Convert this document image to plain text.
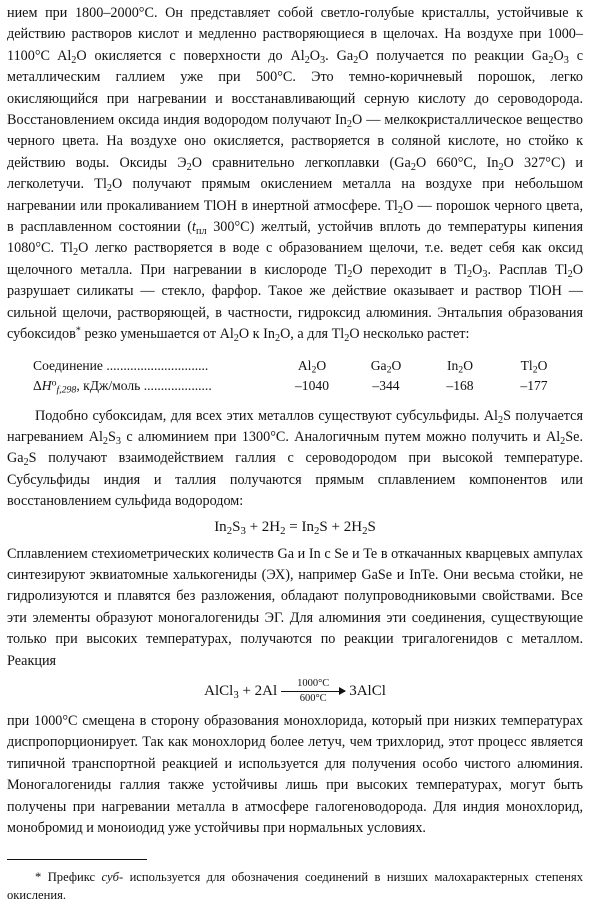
нием при 1800–2000°C. Он представляет собой светло-голубые кристаллы, устойчивые к действию растворов кислот и медленно растворяющиеся в щелочах. На воздухе при 1000–1100°C $Al_2O$ окисляется с поверхности до $Al_2O_3$. $Ga_2O$ получается по реакции $Ga_2O_3$ с металлическим галлием уже при 500°C. Это темно-коричневый порошок, легко окисляющийся при нагревании и восстанавливающий серную кислоту до сероводорода. Восстановлением оксида индия водородом получают $In_2O$ — мелкокристаллическое вещество черного цвета. На воздухе оно окисляется, растворяется в соляной кислоте, но стойко к действию воды. Оксиды $Э_2O$ сравнительно легкоплавки ($Ga_2O$ 660°C, $In_2O$ 327°C) и легколетучи. $Tl_2O$ получают прямым окислением металла на воздухе при небольшом нагревании или прокаливанием TlOH в инертной атмосфере. $Tl_2O$ — порошок черного цвета, в расплавленном состоянии ($t_{пл}$ 300°C) желтый, устойчив вплоть до температуры кипения 1080°C. $Tl_2O$ легко растворяется в воде с образованием щелочи, т.е. ведет себя как оксид щелочного металла. При нагревании в кислороде $Tl_2O$ переходит в $Tl_2O_3$. Расплав $Tl_2O$ разрушает силикаты — стекло, фарфор. Такое же действие оказывает и раствор TlOH — сильной щелочи, растворяющей, в частности, гидроксид алюминия. Энтальпия образования субоксидов* резко уменьшается от $Al_2O$ к $In_2O$, а для $Tl_2O$ несколько растет:

Соединение ..............................	$Al_2O$	$Ga_2O$	$In_2O$	$Tl_2O$
$\Delta H^o_{f,298}$, кДж/моль ....................	–1040	–344	–168	–177

Подобно субоксидам, для всех этих металлов существуют субсульфиды. $Al_2S$ получается нагреванием $Al_2S_3$ с алюминием при 1300°C. Аналогичным путем можно получить и $Al_2Se$. $Ga_2S$ получают взаимодействием галлия с сероводородом при высокой температуре. Субсульфиды индия и таллия получаются прямым сплавлением компонентов или восстановлением сульфида водородом:

$In_2S_3 + 2H_2 = In_2S + 2H_2S$

Сплавлением стехиометрических количеств Ga и In с Se и Te в откачанных кварцевых ампулах синтезируют эквиатомные халькогениды (ЭХ), например GaSe и InTe. Они весьма стойки, не гидролизуются и плавятся без разложения, обладают полупроводниковыми свойствами. Все эти элементы образуют моногалогениды ЭГ. Для алюминия эти соединения, существующие только при высоких температурах, получаются по реакции тригалогенидов с металлом. Реакция

AlCl$_3$ + 2Al 1000°C
600°C 3AlCl

при 1000°C смещена в сторону образования монохлорида, который при низких температурах диспропорционирует. Так как монохлорид более летуч, чем трихлорид, этот процесс является типичной транспортной реакцией и используется для получения особо чистого алюминия. Моногалогениды галлия также устойчивы лишь при высоких температурах, могут быть получены при нагревании металла в атмосфере галогеноводорода. Для индия монохлорид, монобромид и моноиодид уже устойчивы при нормальных условиях.

* Префикс суб- используется для обозначения соединений в низших малохарактерных степенях окисления.
